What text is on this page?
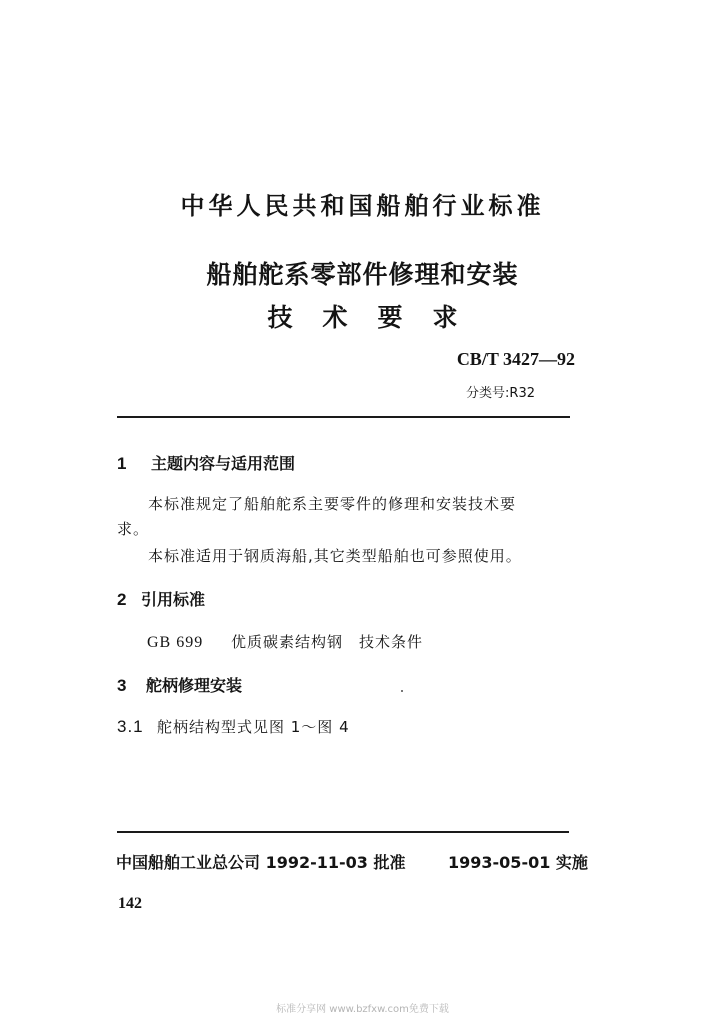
中华人民共和国船舶行业标准
船舶舵系零部件修理和安装
技术要求
CB/T 3427—92
分类号:R32
1 主题内容与适用范围
本标准规定了船舶舵系主要零件的修理和安装技术要
求。
本标准适用于钢质海船,其它类型船舶也可参照使用。
2 引用标准
GB 699 优质碳素结构钢　技术条件
3 舵柄修理安装
3.1 舵柄结构型式见图 1～图 4
中国船舶工业总公司 1992-11-03 批准	1993-05-01 实施
142
标准分享网 www.bzfxw.com免费下载
